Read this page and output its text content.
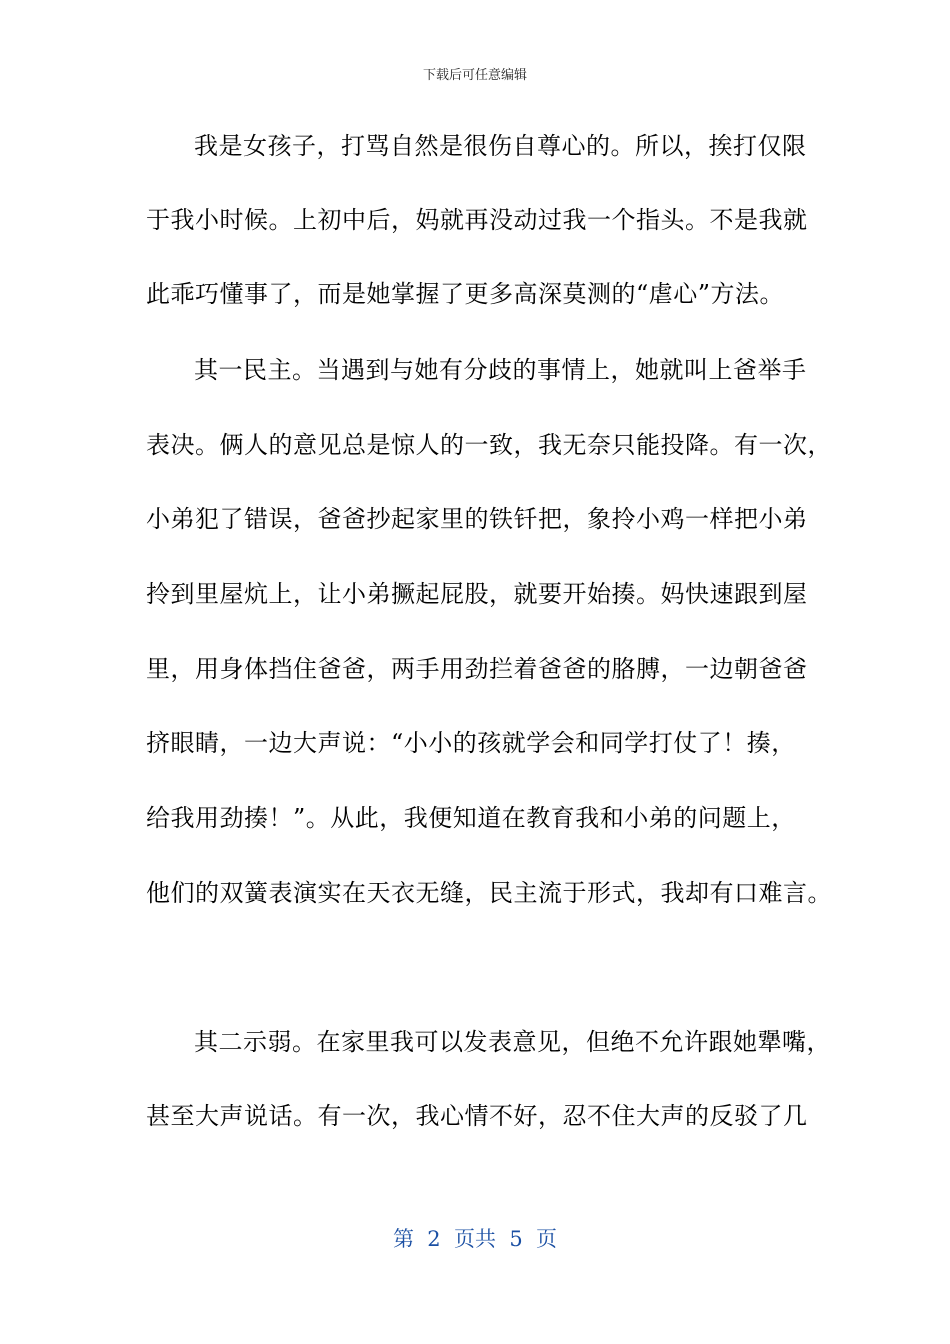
下载后可任意编辑
我是女孩子，打骂自然是很伤自尊心的。所以，挨打仅限
于我小时候。上初中后，妈就再没动过我一个指头。不是我就
此乖巧懂事了，而是她掌握了更多高深莫测的“虐心”方法。
其一民主。当遇到与她有分歧的事情上，她就叫上爸举手
表决。俩人的意见总是惊人的一致，我无奈只能投降。有一次，
小弟犯了错误，爸爸抄起家里的铁钎把，象拎小鸡一样把小弟
拎到里屋炕上，让小弟撅起屁股，就要开始揍。妈快速跟到屋
里，用身体挡住爸爸，两手用劲拦着爸爸的胳膊，一边朝爸爸
挤眼睛，一边大声说：“小小的孩就学会和同学打仗了！揍，
给我用劲揍！”。从此，我便知道在教育我和小弟的问题上，
他们的双簧表演实在天衣无缝，民主流于形式，我却有口难言。
其二示弱。在家里我可以发表意见，但绝不允许跟她犟嘴，
甚至大声说话。有一次，我心情不好，忍不住大声的反驳了几
第  2  页共  5  页
